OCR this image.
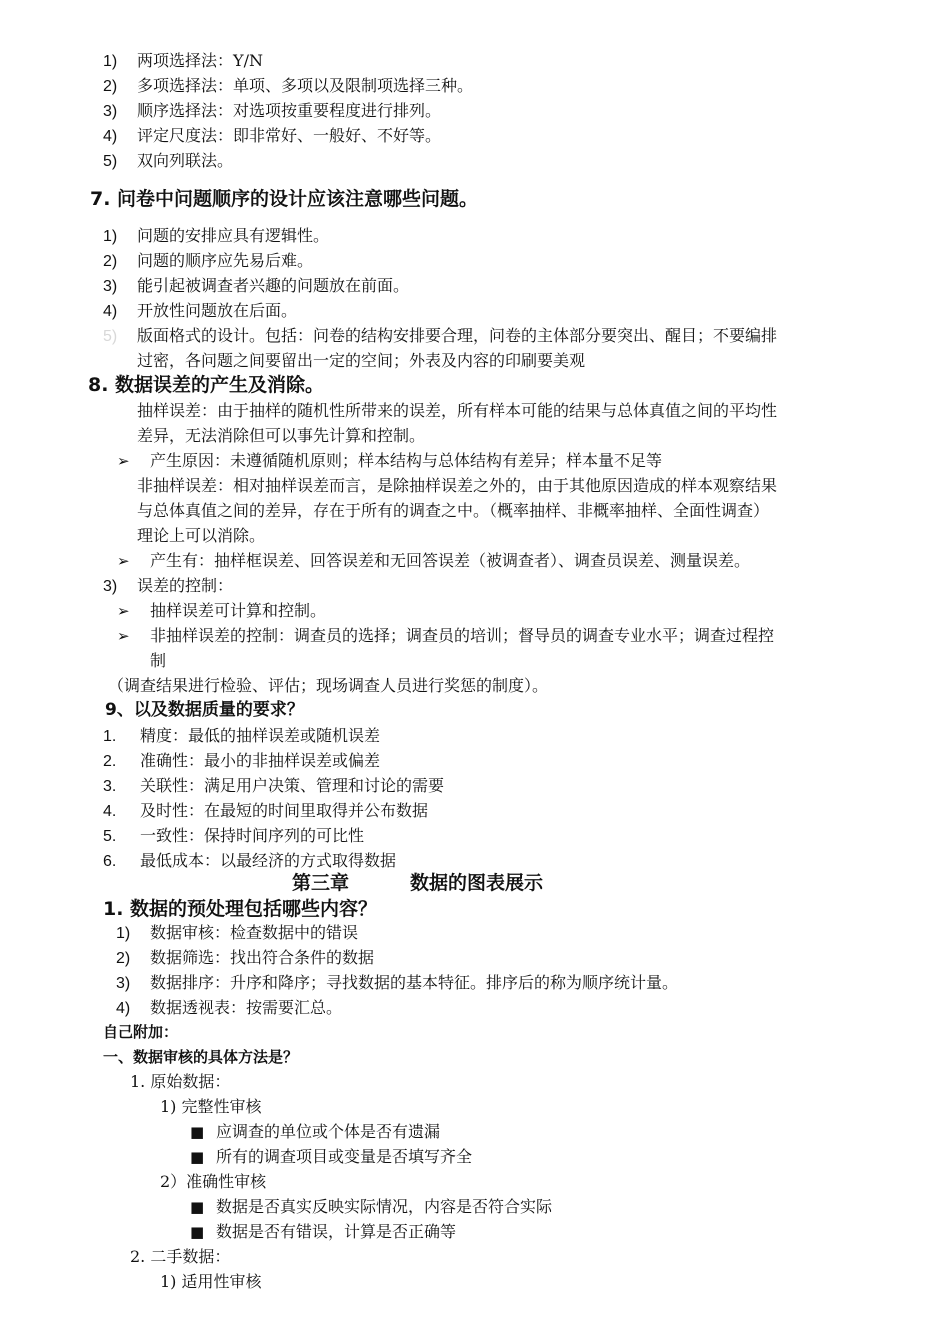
1) 两项选择法：Y/N
2) 多项选择法：单项、多项以及限制项选择三种。
3) 顺序选择法：对选项按重要程度进行排列。
4) 评定尺度法：即非常好、一般好、不好等。
5) 双向列联法。
7. 问卷中问题顺序的设计应该注意哪些问题。
1) 问题的安排应具有逻辑性。
2) 问题的顺序应先易后难。
3) 能引起被调查者兴趣的问题放在前面。
4) 开放性问题放在后面。
5) 版面格式的设计。包括：问卷的结构安排要合理，问卷的主体部分要突出、醒目；不要编排
过密，各问题之间要留出一定的空间；外表及内容的印刷要美观
8. 数据误差的产生及消除。
抽样误差：由于抽样的随机性所带来的误差，所有样本可能的结果与总体真值之间的平均性
差异，无法消除但可以事先计算和控制。
➢ 产生原因：未遵循随机原则；样本结构与总体结构有差异；样本量不足等
非抽样误差：相对抽样误差而言，是除抽样误差之外的，由于其他原因造成的样本观察结果
与总体真值之间的差异，存在于所有的调查之中。（概率抽样、非概率抽样、全面性调查）
理论上可以消除。
➢ 产生有：抽样框误差、回答误差和无回答误差（被调查者）、调查员误差、测量误差。
3) 误差的控制：
➢ 抽样误差可计算和控制。
➢ 非抽样误差的控制：调查员的选择；调查员的培训；督导员的调查专业水平；调查过程控
制
（调查结果进行检验、评估；现场调查人员进行奖惩的制度）。
9、以及数据质量的要求？
1. 精度：最低的抽样误差或随机误差
2. 准确性：最小的非抽样误差或偏差
3. 关联性：满足用户决策、管理和讨论的需要
4. 及时性：在最短的时间里取得并公布数据
5. 一致性：保持时间序列的可比性
6. 最低成本：以最经济的方式取得数据
第三章	数据的图表展示
1. 数据的预处理包括哪些内容？
1) 数据审核：检查数据中的错误
2) 数据筛选：找出符合条件的数据
3) 数据排序：升序和降序；寻找数据的基本特征。排序后的称为顺序统计量。
4) 数据透视表：按需要汇总。
自己附加：
一、数据审核的具体方法是？
1. 原始数据：
1) 完整性审核
■ 应调查的单位或个体是否有遗漏
■ 所有的调查项目或变量是否填写齐全
2）准确性审核
■ 数据是否真实反映实际情况，内容是否符合实际
■ 数据是否有错误，计算是否正确等
2. 二手数据：
1) 适用性审核
